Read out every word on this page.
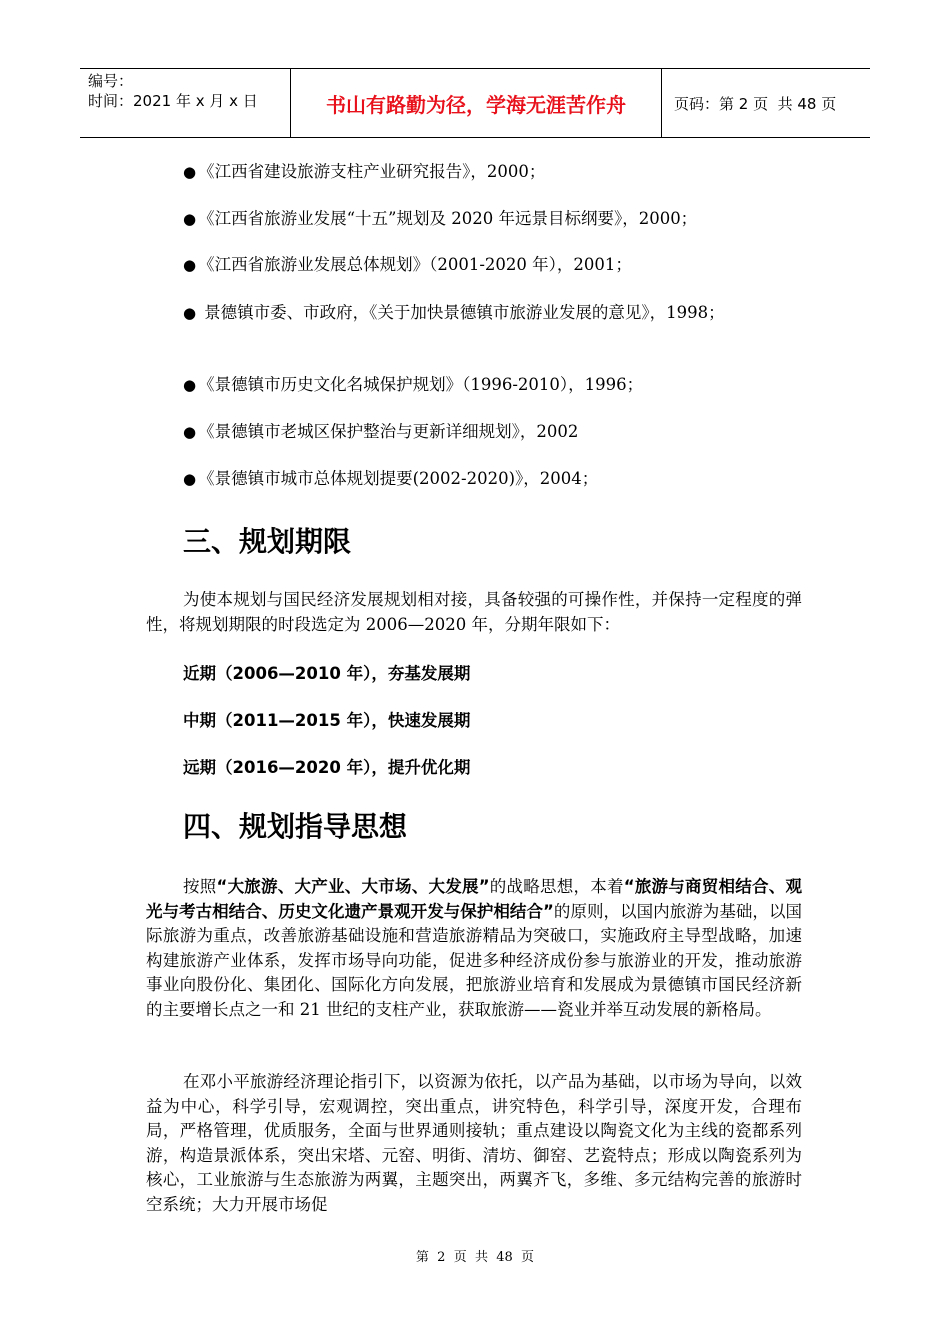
编号：
时间：2021 年 x 月 x 日	书山有路勤为径，学海无涯苦作舟	页码：第 2 页  共 48 页
● 《江西省建设旅游支柱产业研究报告》，2000；
● 《江西省旅游业发展“十五”规划及 2020 年远景目标纲要》，2000；
● 《江西省旅游业发展总体规划》（2001-2020 年），2001；
● 景德镇市委、市政府，《关于加快景德镇市旅游业发展的意见》，1998；
● 《景德镇市历史文化名城保护规划》（1996-2010），1996；
● 《景德镇市老城区保护整治与更新详细规划》，2002
● 《景德镇市城市总体规划提要(2002-2020)》，2004；
三、规划期限

为使本规划与国民经济发展规划相对接，具备较强的可操作性，并保持一定程度的弹性，将规划期限的时段选定为 2006—2020 年，分期年限如下：

近期（2006—2010 年），夯基发展期

中期（2011—2015 年），快速发展期

远期（2016—2020 年），提升优化期

四、规划指导思想

按照“大旅游、大产业、大市场、大发展”的战略思想，本着“旅游与商贸相结合、观光与考古相结合、历史文化遗产景观开发与保护相结合”的原则，以国内旅游为基础，以国际旅游为重点，改善旅游基础设施和营造旅游精品为突破口，实施政府主导型战略，加速构建旅游产业体系，发挥市场导向功能，促进多种经济成份参与旅游业的开发，推动旅游事业向股份化、集团化、国际化方向发展，把旅游业培育和发展成为景德镇市国民经济新的主要增长点之一和 21 世纪的支柱产业，获取旅游——瓷业并举互动发展的新格局。

在邓小平旅游经济理论指引下，以资源为依托，以产品为基础，以市场为导向，以效益为中心，科学引导，宏观调控，突出重点，讲究特色，科学引导，深度开发，合理布局，严格管理，优质服务，全面与世界通则接轨；重点建设以陶瓷文化为主线的瓷都系列游，构造景派体系，突出宋塔、元窑、明街、清坊、御窑、艺瓷特点；形成以陶瓷系列为核心，工业旅游与生态旅游为两翼，主题突出，两翼齐飞，多维、多元结构完善的旅游时空系统；大力开展市场促

第  2  页  共  48  页
